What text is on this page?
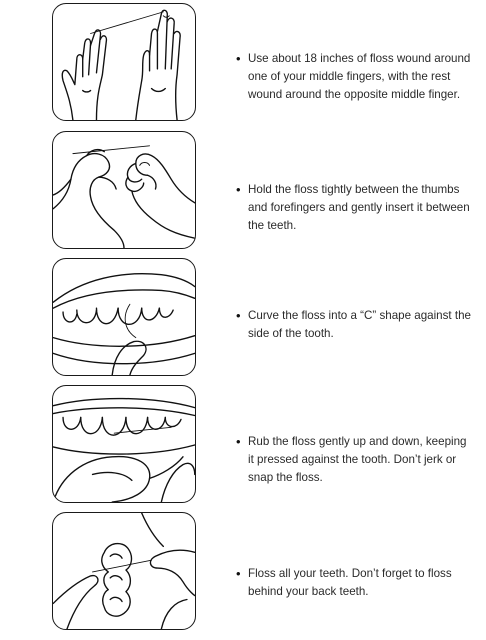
• Use about 18 inches of floss wound around one of your middle fingers, with the rest wound around the opposite middle finger.
• Hold the floss tightly between the thumbs and forefingers and gently insert it between the teeth.
• Curve the floss into a “C” shape against the side of the tooth.
• Rub the floss gently up and down, keeping it pressed against the tooth. Don’t jerk or snap the floss.
• Floss all your teeth. Don’t forget to floss behind your back teeth.
